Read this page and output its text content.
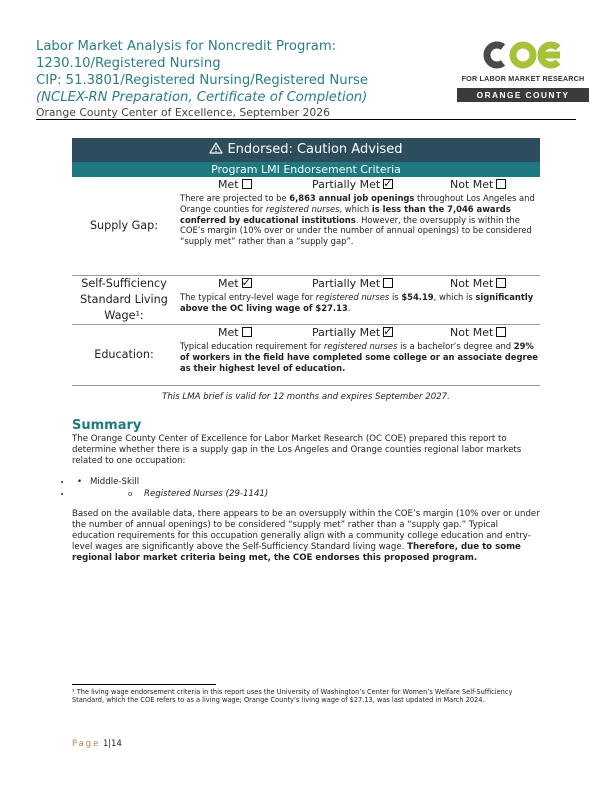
Labor Market Analysis for Noncredit Program:
1230.10/Registered Nursing
CIP: 51.3801/Registered Nursing/Registered Nurse
(NCLEX-RN Preparation, Certificate of Completion)
Orange County Center of Excellence, September 2026
FOR LABOR MARKET RESEARCH
ORANGE COUNTY
Endorsed: Caution Advised
Program LMI Endorsement Criteria
Supply Gap:
Met	Partially Met ✓	Not Met
There are projected to be 6,863 annual job openings throughout Los Angeles and Orange counties for registered nurses, which is less than the 7,046 awards conferred by educational institutions. However, the oversupply is within the COE’s margin (10% over or under the number of annual openings) to be considered “supply met” rather than a “supply gap”.
Self-Sufficiency Standard Living Wage¹:
Met ✓	Partially Met	Not Met
The typical entry-level wage for registered nurses is $54.19, which is significantly above the OC living wage of $27.13.
Education:
Met	Partially Met ✓	Not Met
Typical education requirement for registered nurses is a bachelor’s degree and 29% of workers in the field have completed some college or an associate degree as their highest level of education.
This LMA brief is valid for 12 months and expires September 2027.
Summary

The Orange County Center of Excellence for Labor Market Research (OC COE) prepared this report to determine whether there is a supply gap in the Los Angeles and Orange counties regional labor markets related to one occupation:

• • Middle-Skill
o • Registered Nurses (29-1141)

Based on the available data, there appears to be an oversupply within the COE’s margin (10% over or under the number of annual openings) to be considered “supply met” rather than a “supply gap.” Typical education requirements for this occupation generally align with a community college education and entry-level wages are significantly above the Self-Sufficiency Standard living wage. Therefore, due to some regional labor market criteria being met, the COE endorses this proposed program.

¹ The living wage endorsement criteria in this report uses the University of Washington’s Center for Women’s Welfare Self-Sufficiency Standard, which the COE refers to as a living wage; Orange County’s living wage of $27.13, was last updated in March 2024.
Page 1|14
